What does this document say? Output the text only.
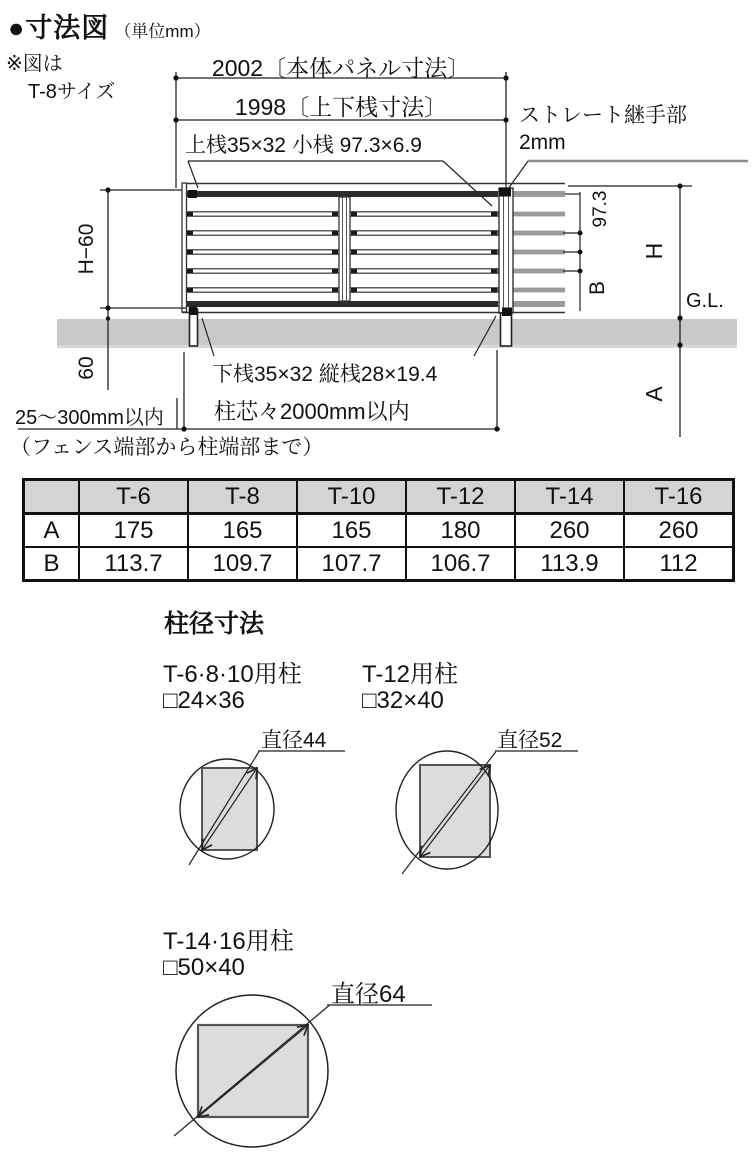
●寸法図 （単位mm）
※図は
T-8サイズ
2002〔本体パネル寸法〕
1998〔上下桟寸法〕
上桟35×32 小桟 97.3×6.9
ストレート継手部
2mm
H−60
60
97.3
B
H
G.L.
A
下桟35×32 縦桟28×19.4
25〜300mm以内 柱芯々2000mm以内
（フェンス端部から柱端部まで）
	T-6	T-8	T-10	T-12	T-14	T-16
A	175	165	165	180	260	260
B	113.7	109.7	107.7	106.7	113.9	112
柱径寸法
T-6·8·10用柱
□24×36
T-12用柱
□32×40
直径44	直径52
T-14·16用柱
□50×40
直径64
